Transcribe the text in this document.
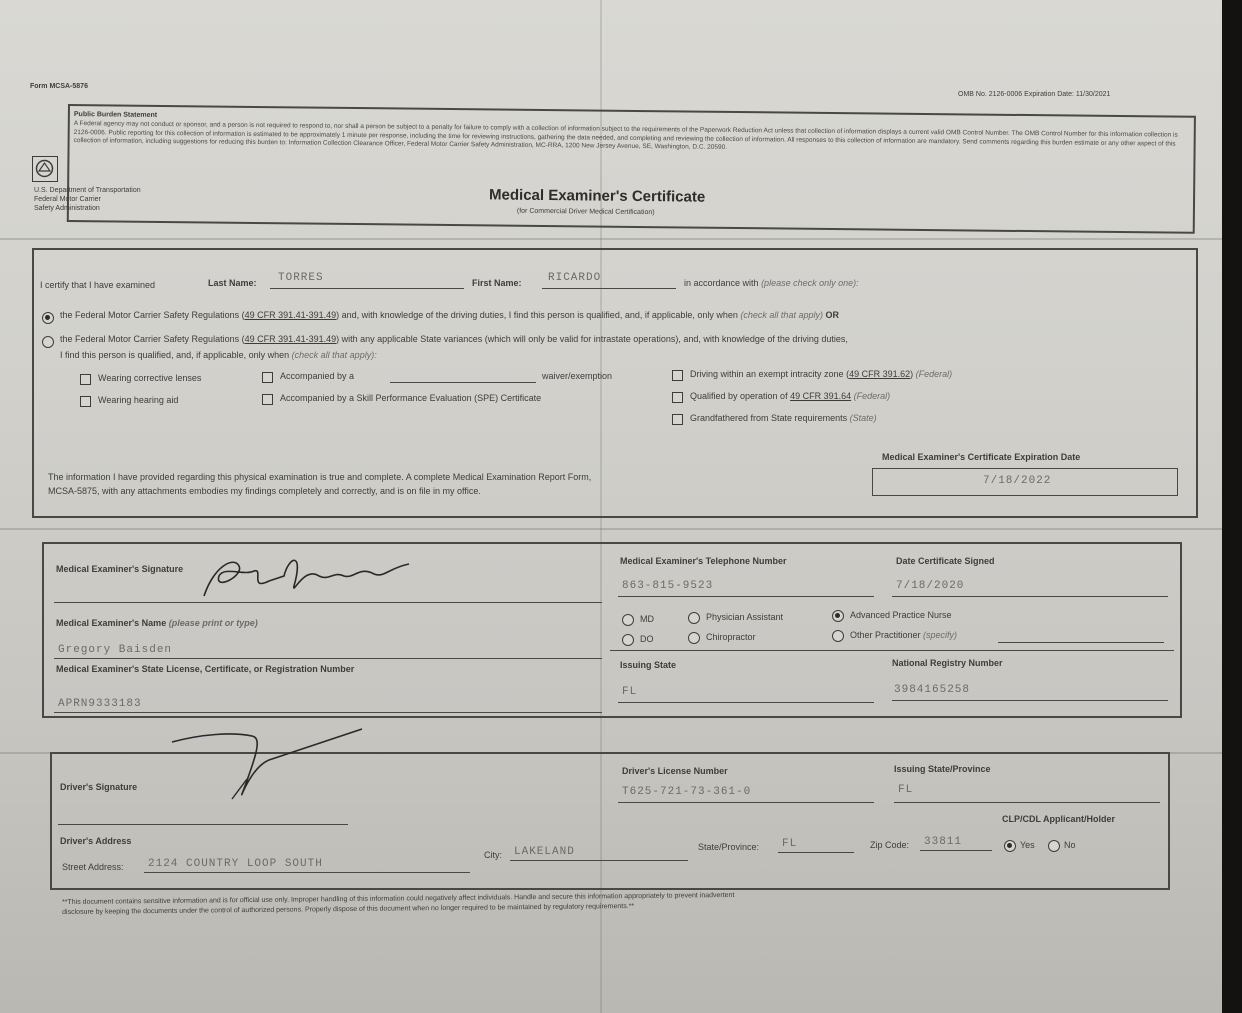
Form MCSA-5876
OMB No. 2126-0006 Expiration Date: 11/30/2021
Public Burden Statement
A Federal agency may not conduct or sponsor, and a person is not required to respond to, nor shall a person be subject to a penalty for failure to comply with a collection of information subject to the requirements of the Paperwork Reduction Act unless that collection of information displays a current valid OMB Control Number. The OMB Control Number for this information collection is 2126-0006. Public reporting for this collection of information is estimated to be approximately 1 minute per response, including the time for reviewing instructions, gathering the data needed, and completing and reviewing the collection of information. All responses to this collection of information are mandatory. Send comments regarding this burden estimate or any other aspect of this collection of information, including suggestions for reducing this burden to: Information Collection Clearance Officer, Federal Motor Carrier Safety Administration, MC-RRA, 1200 New Jersey Avenue, SE, Washington, D.C. 20590.
Medical Examiner's Certificate
(for Commercial Driver Medical Certification)
U.S. Department of Transportation
Federal Motor Carrier
Safety Administration
I certify that I have examined	Last Name: TORRES	First Name: RICARDO	in accordance with (please check only one):
the Federal Motor Carrier Safety Regulations (49 CFR 391.41-391.49) and, with knowledge of the driving duties, I find this person is qualified, and, if applicable, only when (check all that apply) OR
the Federal Motor Carrier Safety Regulations (49 CFR 391.41-391.49) with any applicable State variances (which will only be valid for intrastate operations), and, with knowledge of the driving duties,
I find this person is qualified, and, if applicable, only when (check all that apply):
Wearing corrective lenses
Wearing hearing aid
Accompanied by a	waiver/exemption
Accompanied by a Skill Performance Evaluation (SPE) Certificate
Driving within an exempt intracity zone (49 CFR 391.62) (Federal)
Qualified by operation of 49 CFR 391.64 (Federal)
Grandfathered from State requirements (State)
The information I have provided regarding this physical examination is true and complete. A complete Medical Examination Report Form,
MCSA-5875, with any attachments embodies my findings completely and correctly, and is on file in my office.
Medical Examiner's Certificate Expiration Date
7/18/2022
Medical Examiner's Signature
Medical Examiner's Name (please print or type)
Gregory Baisden
Medical Examiner's State License, Certificate, or Registration Number
APRN9333183
Medical Examiner's Telephone Number
863-815-9523
Date Certificate Signed
7/18/2020
MD
DO
Physician Assistant
Chiropractor
Advanced Practice Nurse
Other Practitioner (specify)
Issuing State
FL
National Registry Number
3984165258
Driver's Signature
Driver's License Number
T625-721-73-361-0
Issuing State/Province
FL
CLP/CDL Applicant/Holder
Driver's Address
Street Address: 2124 COUNTRY LOOP SOUTH
City: LAKELAND	State/Province: FL	Zip Code: 33811	Yes	No
**This document contains sensitive information and is for official use only. Improper handling of this information could negatively affect individuals. Handle and secure this information appropriately to prevent inadvertent
disclosure by keeping the documents under the control of authorized persons. Properly dispose of this document when no longer required to be maintained by regulatory requirements.**
